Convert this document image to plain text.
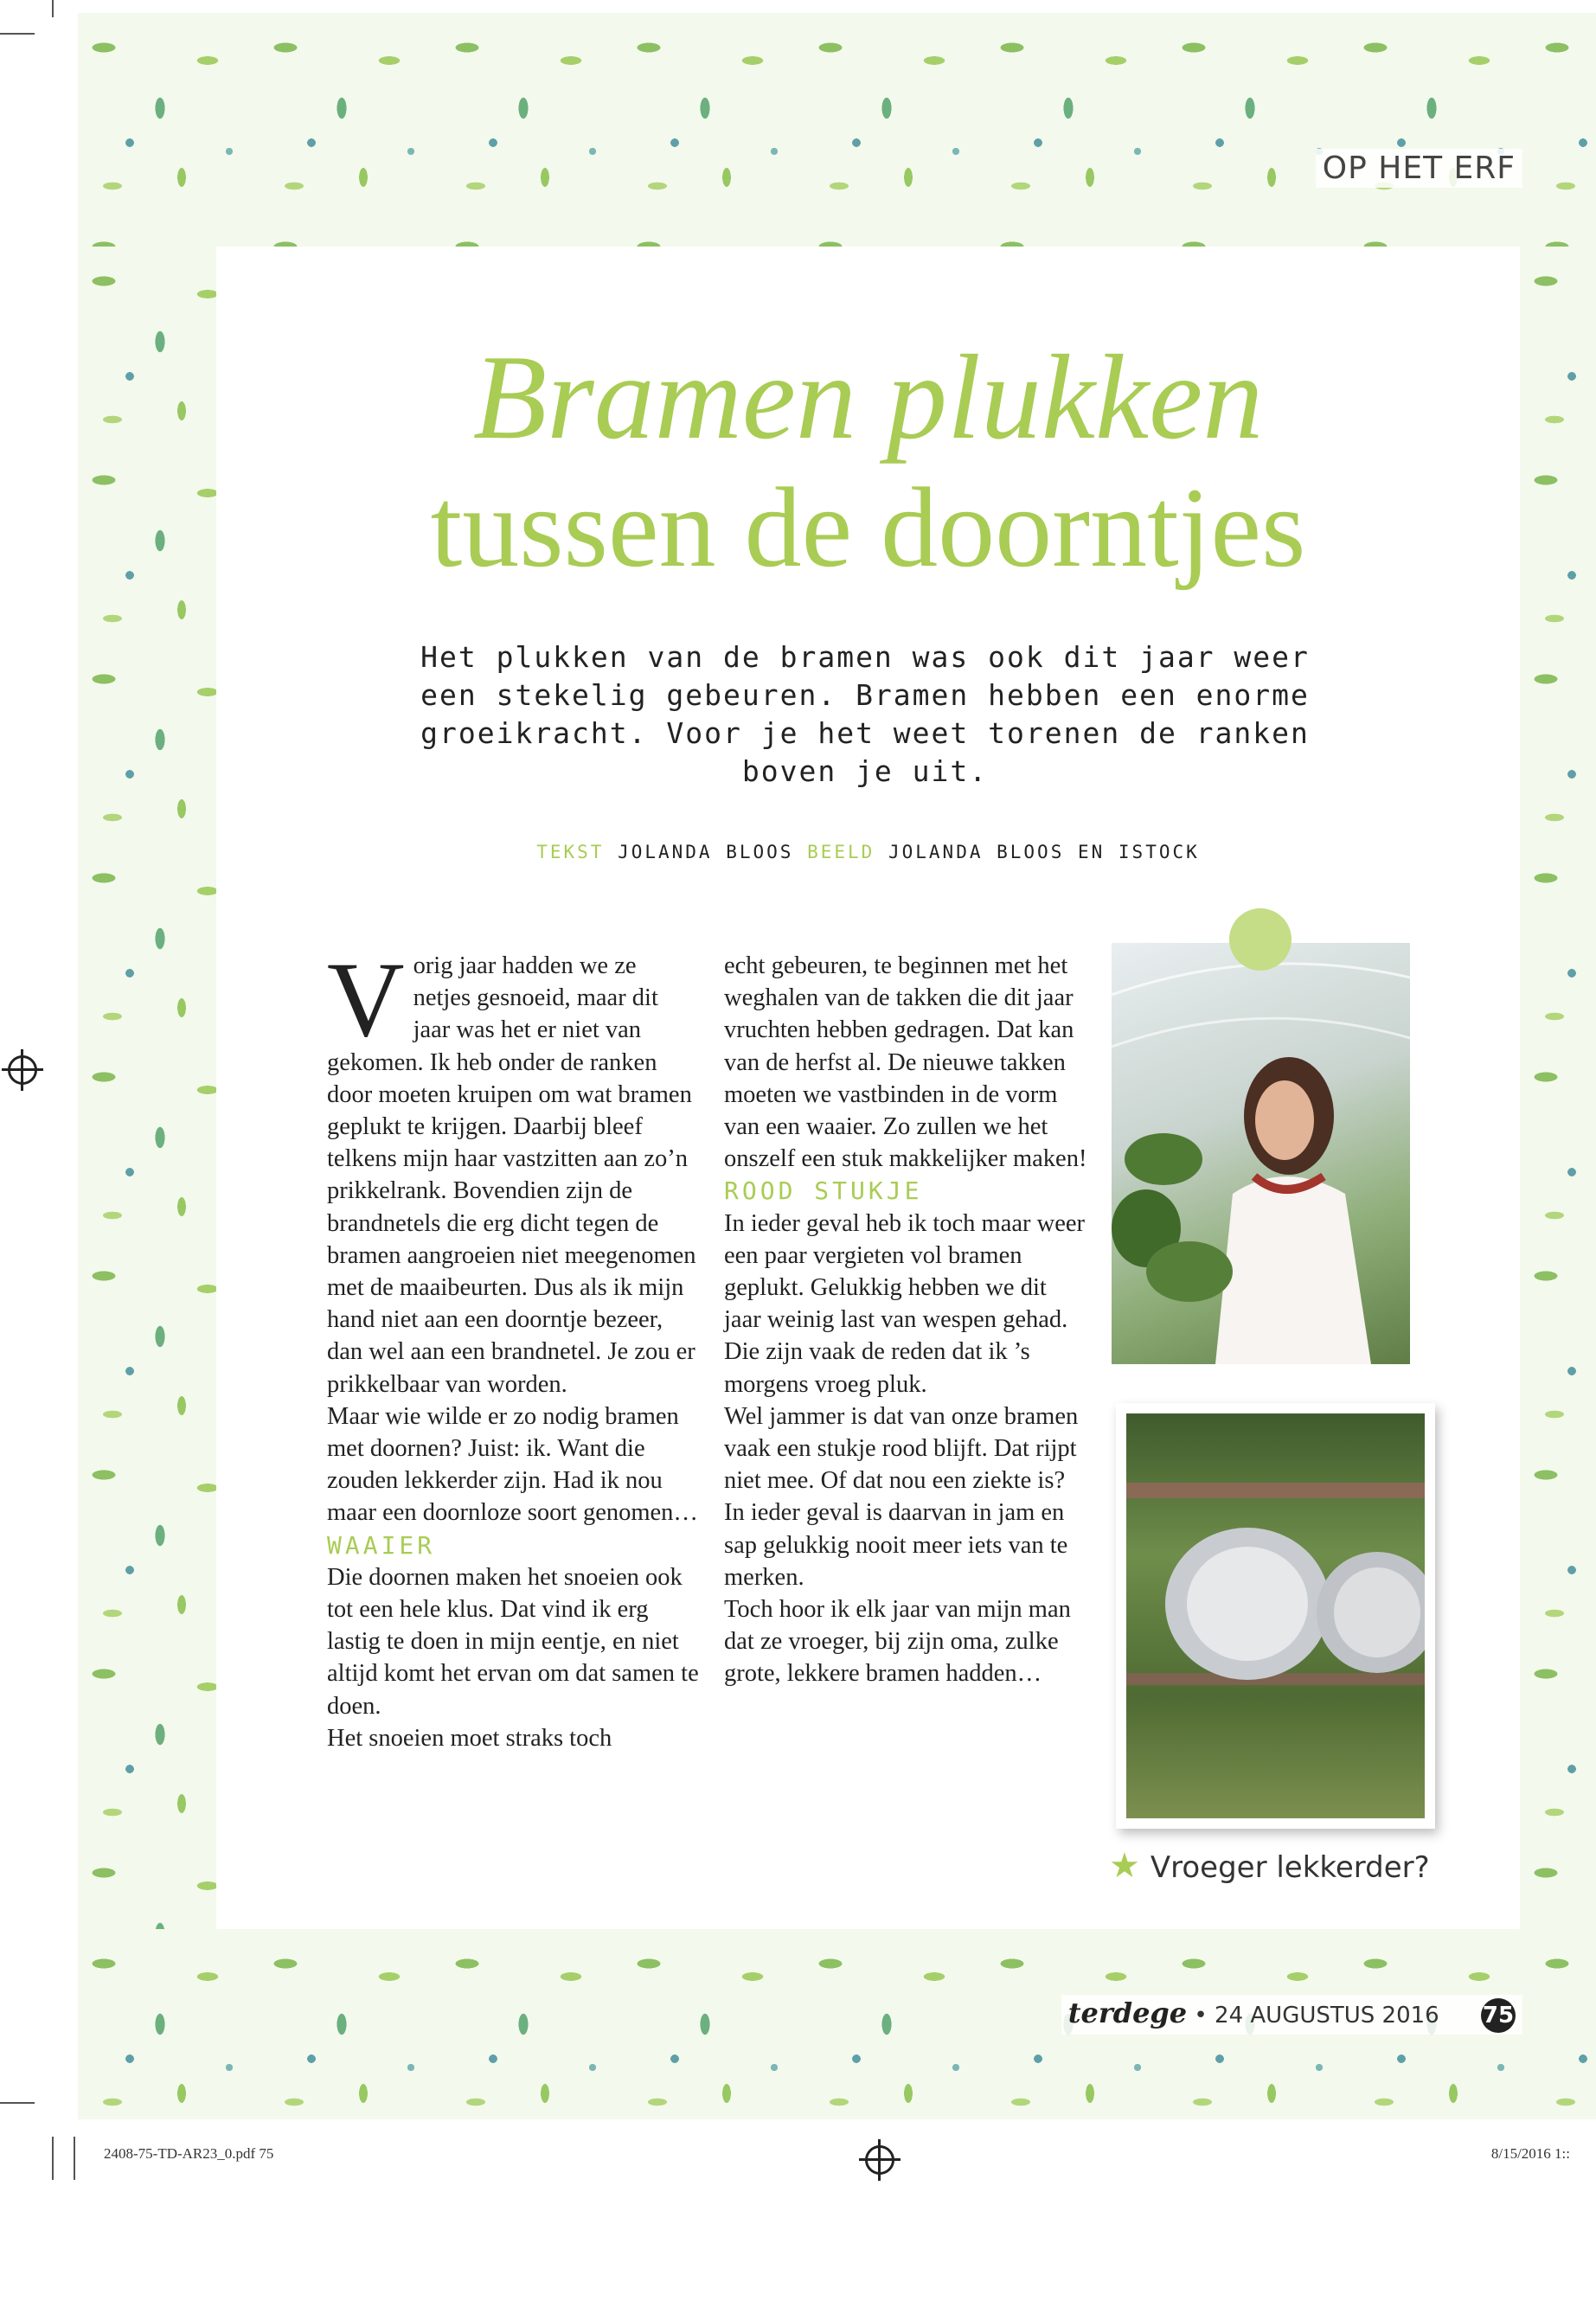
OP HET ERF
Bramen plukken
tussen de doorntjes

Het plukken van de bramen was ook dit jaar weer een stekelig gebeuren. Bramen hebben een enorme groeikracht. Voor je het weet torenen de ranken boven je uit.

TEKST JOLANDA BLOOS BEELD JOLANDA BLOOS EN ISTOCK

Vorig jaar hadden we ze netjes gesnoeid, maar dit jaar was het er niet van gekomen. Ik heb onder de ranken door moeten kruipen om wat bramen geplukt te krijgen. Daarbij bleef telkens mijn haar vastzitten aan zo’n prikkelrank. Bovendien zijn de brandnetels die erg dicht tegen de bramen aangroeien niet meegenomen met de maaibeurten. Dus als ik mijn hand niet aan een doorntje bezeer, dan wel aan een brandnetel. Je zou er prikkelbaar van worden.

Maar wie wilde er zo nodig bramen met doornen? Juist: ik. Want die zouden lekkerder zijn. Had ik nou maar een doornloze soort genomen…

WAAIER

Die doornen maken het snoeien ook tot een hele klus. Dat vind ik erg lastig te doen in mijn eentje, en niet altijd komt het ervan om dat samen te doen.

Het snoeien moet straks toch

echt gebeuren, te beginnen met het weghalen van de takken die dit jaar vruchten hebben gedragen. Dat kan van de herfst al. De nieuwe takken moeten we vastbinden in de vorm van een waaier. Zo zullen we het onszelf een stuk makkelijker maken!

ROOD STUKJE

In ieder geval heb ik toch maar weer een paar vergieten vol bramen geplukt. Gelukkig hebben we dit jaar weinig last van wespen gehad. Die zijn vaak de reden dat ik ’s morgens vroeg pluk.

Wel jammer is dat van onze bramen vaak een stukje rood blijft. Dat rijpt niet mee. Of dat nou een ziekte is? In ieder geval is daarvan in jam en sap gelukkig nooit meer iets van te merken.

Toch hoor ik elk jaar van mijn man dat ze vroeger, bij zijn oma, zulke grote, lekkere bramen hadden…

★ Vroeger lekkerder?
terdege • 24 AUGUSTUS 2016 75
2408-75-TD-AR23_0.pdf 75	8/15/2016 1::
